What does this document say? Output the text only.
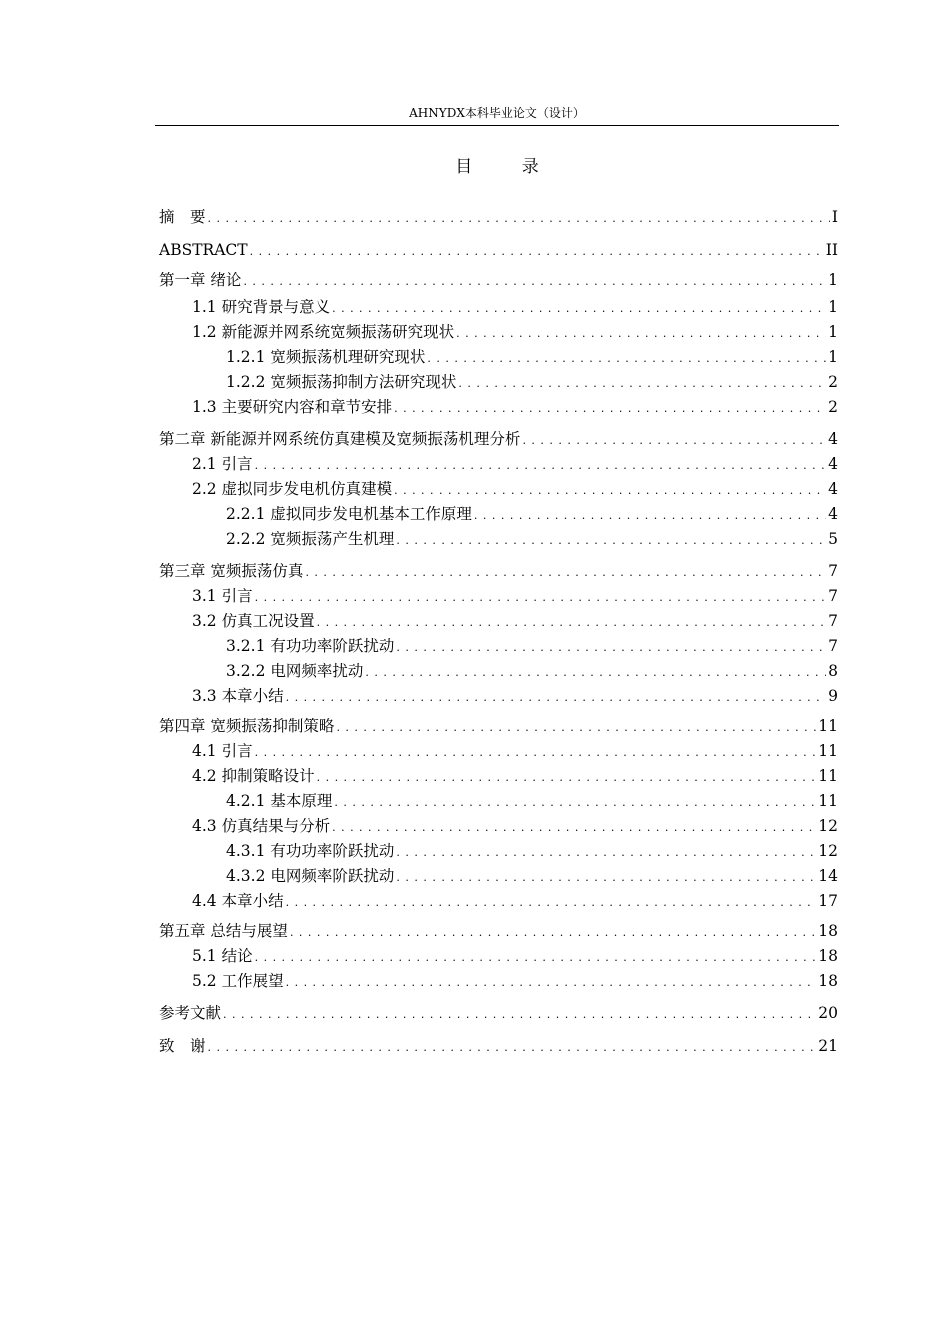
AHNYDX本科毕业论文（设计）
目 录
摘　要 . . .	I
ABSTRACT . . .	II
第一章 绪论 . . .	1
1.1 研究背景与意义 . . .	1
1.2 新能源并网系统宽频振荡研究现状 . . .	1
1.2.1 宽频振荡机理研究现状 . . .	1
1.2.2 宽频振荡抑制方法研究现状 . . .	2
1.3 主要研究内容和章节安排 . . .	2
第二章 新能源并网系统仿真建模及宽频振荡机理分析 . . .	4
2.1 引言 . . .	4
2.2 虚拟同步发电机仿真建模 . . .	4
2.2.1 虚拟同步发电机基本工作原理 . . .	4
2.2.2 宽频振荡产生机理 . . .	5
第三章 宽频振荡仿真 . . .	7
3.1 引言 . . .	7
3.2 仿真工况设置 . . .	7
3.2.1 有功功率阶跃扰动 . . .	7
3.2.2 电网频率扰动 . . .	8
3.3 本章小结 . . .	9
第四章 宽频振荡抑制策略 . . .	11
4.1 引言 . . .	11
4.2 抑制策略设计 . . .	11
4.2.1 基本原理 . . .	11
4.3 仿真结果与分析 . . .	12
4.3.1 有功功率阶跃扰动 . . .	12
4.3.2 电网频率阶跃扰动 . . .	14
4.4 本章小结 . . .	17
第五章 总结与展望 . . .	18
5.1 结论 . . .	18
5.2 工作展望 . . .	18
参考文献 . . .	20
致　谢 . . .	21
